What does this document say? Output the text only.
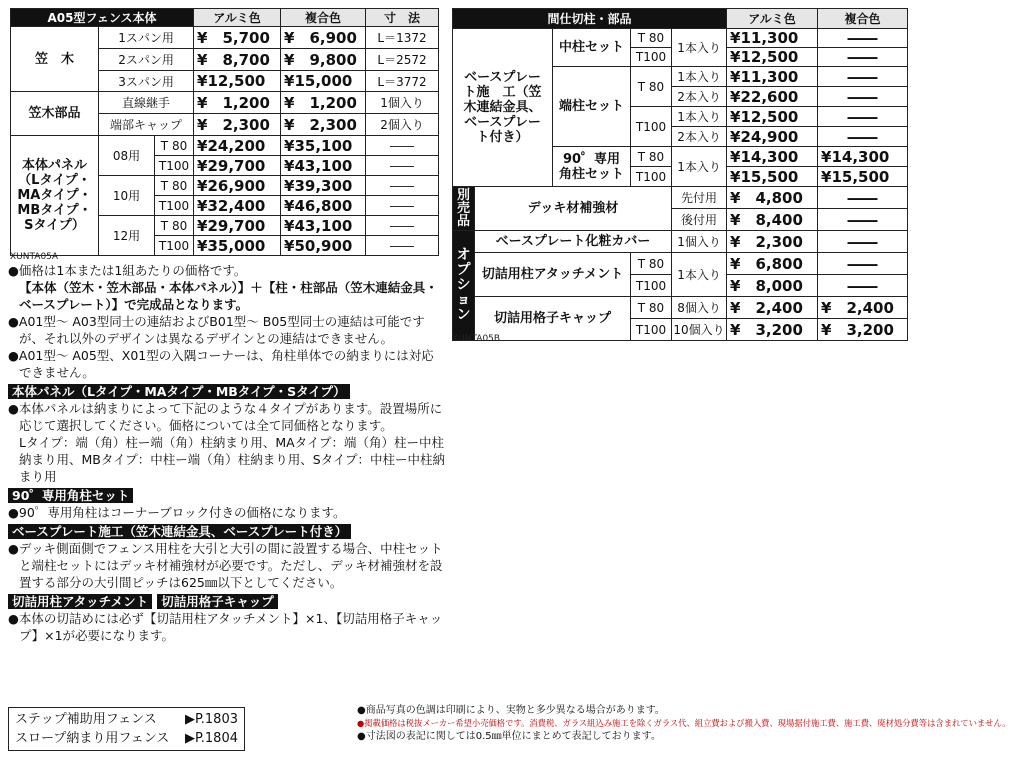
A05型フェンス本体			アルミ色	複合色	寸　法
笠　木	1スパン用		¥　5,700	¥　6,900	L＝1372
	2スパン用		¥　8,700	¥　9,800	L＝2572
	3スパン用		¥12,500	¥15,000	L＝3772
笠木部品	直線継手		¥　1,200	¥　1,200	1個入り
	端部キャップ		¥　2,300	¥　2,300	2個入り
本体パネル（Lタイプ・MAタイプ・MBタイプ・Sタイプ）	08用	T 80	¥24,200	¥35,100	――
		T100	¥29,700	¥43,100	――
	10用	T 80	¥26,900	¥39,300	――
		T100	¥32,400	¥46,800	――
	12用	T 80	¥29,700	¥43,100	――
		T100	¥35,000	¥50,900	――
XUNTA05A
間仕切柱・部品					アルミ色	複合色
ベースプレート施　工（笠木連結金具、ベースプレート付き）		中柱セット	T 80	1本入り	¥11,300	――
			T100		¥12,500	――
		端柱セット	T 80	1本入り	¥11,300	――
				2本入り	¥22,600	――
			T100	1本入り	¥12,500	――
				2本入り	¥24,900	――
		90゜専用角柱セット	T 80	1本入り	¥14,300	¥14,300
			T100		¥15,500	¥15,500
別売品	デッキ材補強材			先付用	¥　4,800	――
				後付用	¥　8,400	――
オプション	ベースプレート化粧カバー			1個入り	¥　2,300	――
	切詰用柱アタッチメント		T 80	1本入り	¥　6,800	――
			T100		¥　8,000	――
	切詰用格子キャップ		T 80	8個入り	¥　2,400	¥　2,400
			T100	10個入り	¥　3,200	¥　3,200
XUNTA05B
●価格は1本または1組あたりの価格です。
【本体（笠木・笠木部品・本体パネル）】＋【柱・柱部品（笠木連結金具・ベースプレート）】で完成品となります。
●A01型～ A03型同士の連結およびB01型～ B05型同士の連結は可能ですが、それ以外のデザインは異なるデザインとの連結はできません。
●A01型～ A05型、X01型の入隅コーナーは、角柱単体での納まりには対応できません。
本体パネル（Lタイプ・MAタイプ・MBタイプ・Sタイプ）
●本体パネルは納まりによって下記のような４タイプがあります。設置場所に応じて選択してください。価格については全て同価格となります。
Lタイプ：端（角）柱ー端（角）柱納まり用、MAタイプ：端（角）柱ー中柱納まり用、MBタイプ：中柱ー端（角）柱納まり用、Sタイプ：中柱ー中柱納まり用
90゜専用角柱セット
●90゜専用角柱はコーナーブロック付きの価格になります。
ベースプレート施工（笠木連結金具、ベースプレート付き）
●デッキ側面側でフェンス用柱を大引と大引の間に設置する場合、中柱セットと端柱セットにはデッキ材補強材が必要です。ただし、デッキ材補強材を設置する部分の大引間ピッチは625㎜以下としてください。
切詰用柱アタッチメント 切詰用格子キャップ
●本体の切詰めには必ず【切詰用柱アタッチメント】×1、【切詰用格子キャップ】×1が必要になります。
ステップ補助用フェンス ▶P.1803
スロープ納まり用フェンス ▶P.1804
●商品写真の色調は印刷により、実物と多少異なる場合があります。
●掲載価格は税抜メーカー希望小売価格です。消費税、ガラス組込み施工を除くガラス代、組立費および搬入費、現場据付施工費、施工費、廃材処分費等は含まれていません。
●寸法図の表記に関しては0.5㎜単位にまとめて表記しております。
